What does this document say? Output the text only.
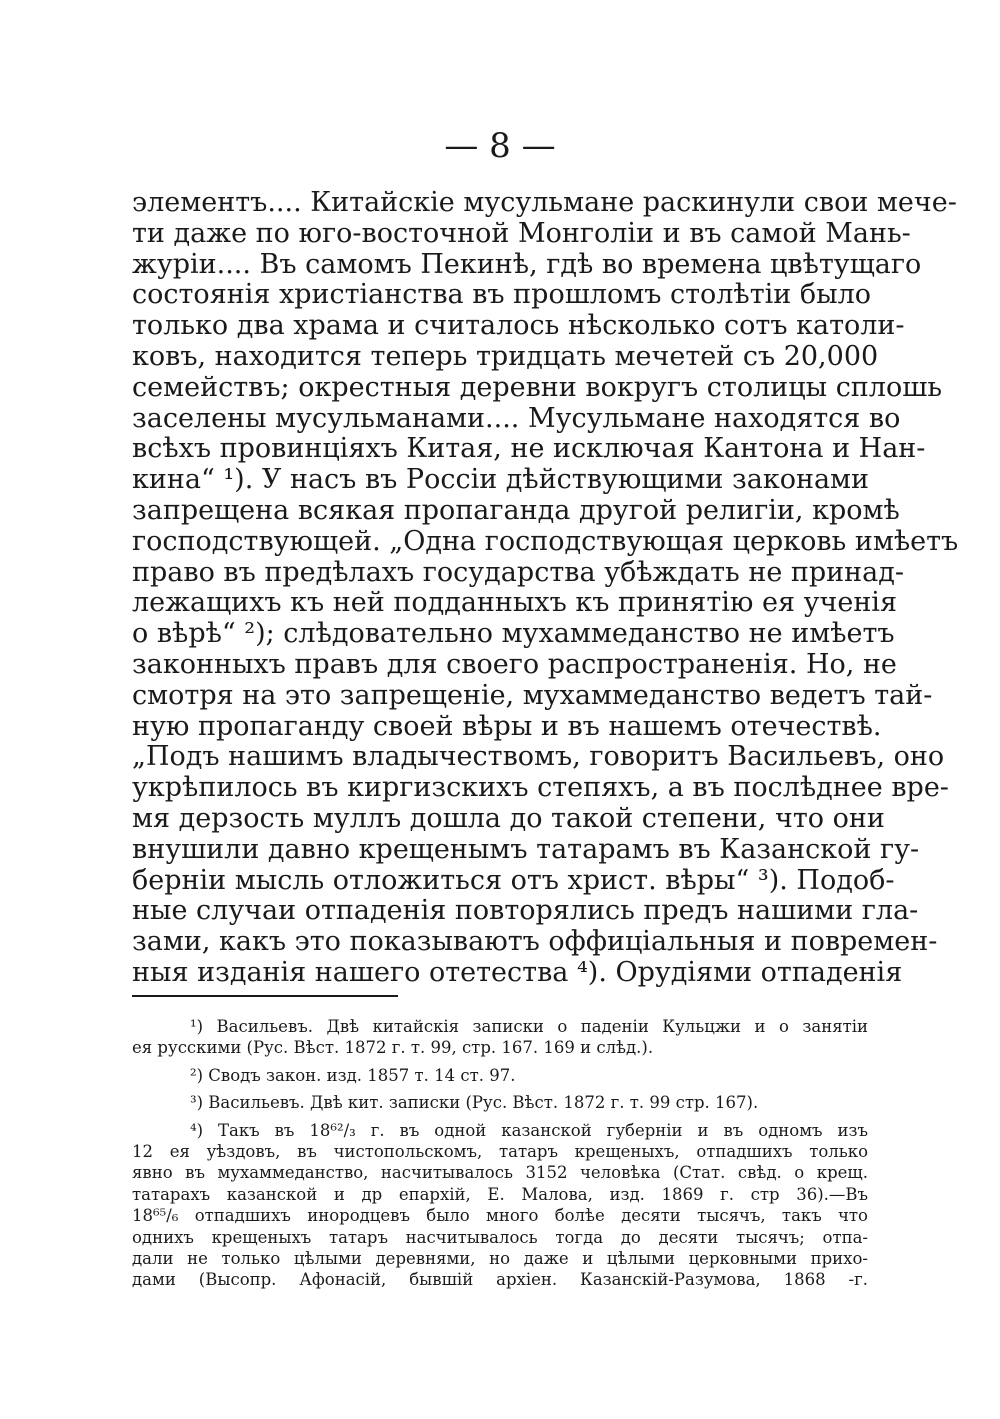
— 8 —
элементъ.... Китайскіе мусульмане раскинули свои мече-
ти даже по юго-восточной Монголіи и въ самой Мань-
журіи.... Въ самомъ Пекинѣ, гдѣ во времена цвѣтущаго
состоянія христіанства въ прошломъ столѣтіи было
только два храма и считалось нѣсколько сотъ католи-
ковъ, находится теперь тридцать мечетей съ 20,000
семействъ; окрестныя деревни вокругъ столицы сплошь
заселены мусульманами.... Мусульмане находятся во
всѣхъ провинціяхъ Китая, не исключая Кантона и Нан-
кина“ ¹). У насъ въ Россіи дѣйствующими законами
запрещена всякая пропаганда другой религіи, кромѣ
господствующей. „Одна господствующая церковь имѣетъ
право въ предѣлахъ государства убѣждать не принад-
лежащихъ къ ней подданныхъ къ принятію ея ученія
о вѣрѣ“ ²); слѣдовательно мухаммеданство не имѣетъ
законныхъ правъ для своего распространенія. Но, не
смотря на это запрещеніе, мухаммеданство ведетъ тай-
ную пропаганду своей вѣры и въ нашемъ отечествѣ.
„Подъ нашимъ владычествомъ, говоритъ Васильевъ, оно
укрѣпилось въ киргизскихъ степяхъ, а въ послѣднее вре-
мя дерзость муллъ дошла до такой степени, что они
внушили давно крещенымъ татарамъ въ Казанской гу-
берніи мысль отложиться отъ христ. вѣры“ ³). Подоб-
ные случаи отпаденія повторялись предъ нашими гла-
зами, какъ это показываютъ оффиціальныя и повремен-
ныя изданія нашего отетества ⁴). Орудіями отпаденія
¹) Васильевъ. Двѣ китайскія записки о паденіи Кульцжи и о занятіи
ея русскими (Рус. Вѣст. 1872 г. т. 99, стр. 167. 169 и слѣд.).
²) Сводъ закон. изд. 1857 т. 14 ст. 97.
³) Васильевъ. Двѣ кит. записки (Рус. Вѣст. 1872 г. т. 99 стр. 167).
⁴) Такъ въ 18⁶²/₃ г. въ одной казанской губерніи и въ одномъ изъ
12 ея уѣздовъ, въ чистопольскомъ, татаръ крещеныхъ, отпадшихъ только
явно въ мухаммеданство, насчитывалось 3152 человѣка (Стат. свѣд. о крещ.
татарахъ казанской и др епархій, Е. Малова, изд. 1869 г. стр 36).—Въ
18⁶⁵/₆ отпадшихъ инородцевъ было много болѣе десяти тысячъ, такъ что
однихъ крещеныхъ татаръ насчитывалось тогда до десяти тысячъ; отпа-
дали не только цѣлыми деревнями, но даже и цѣлыми церковными прихо-
дами (Высопр. Афонасій, бывшій архіен. Казанскій-Разумова, 1868 -г.
